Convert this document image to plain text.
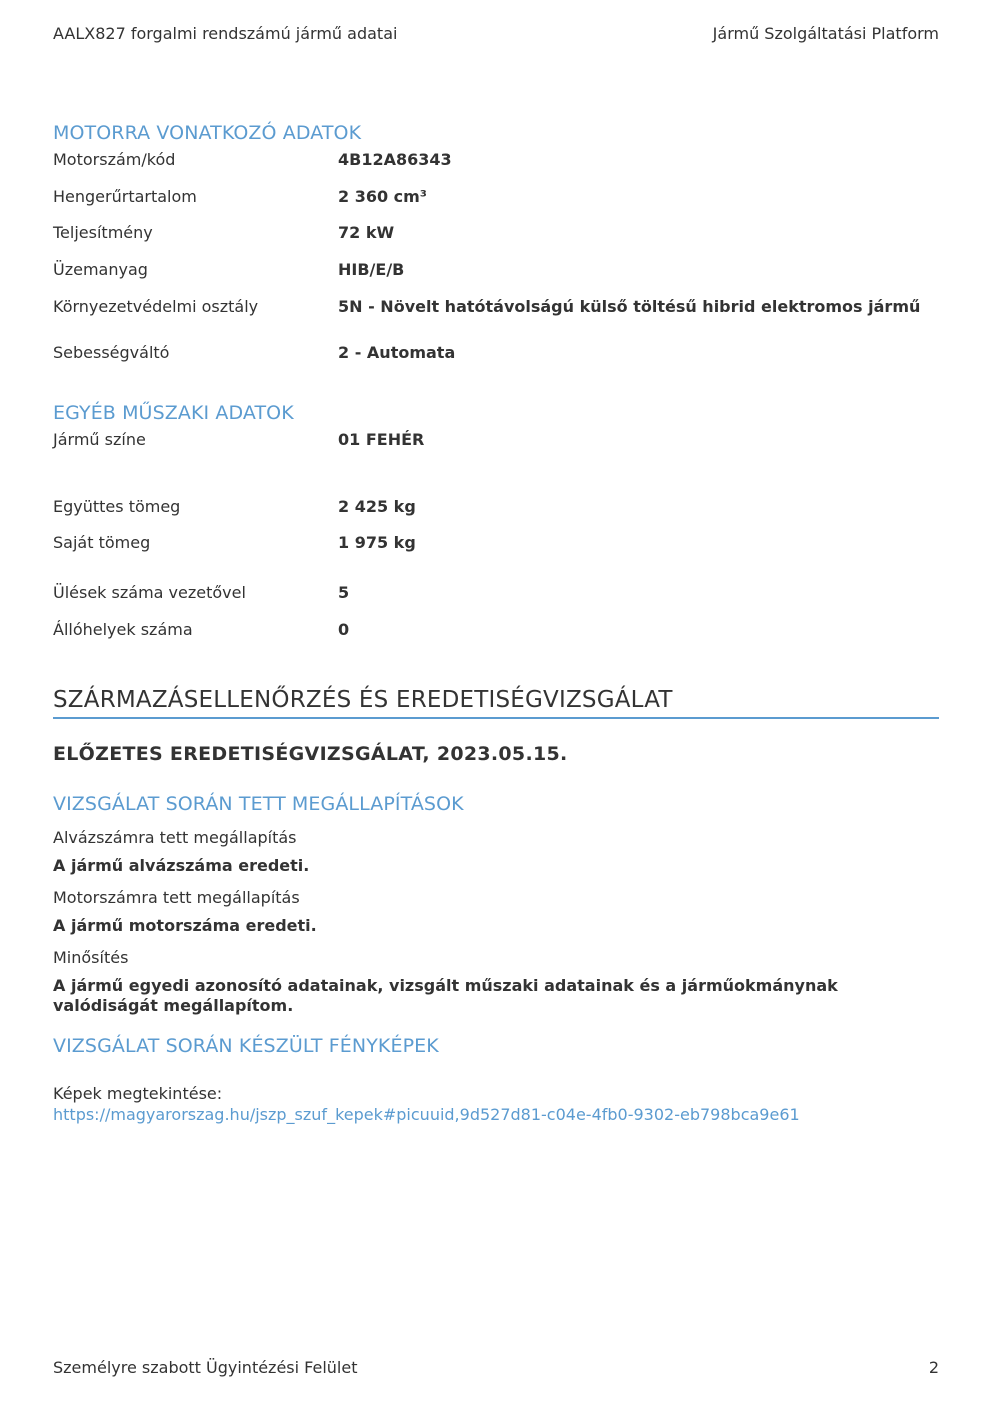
AALX827 forgalmi rendszámú jármű adatai	Jármű Szolgáltatási Platform
MOTORRA VONATKOZÓ ADATOK
Motorszám/kód	4B12A86343
Hengerűrtartalom	2 360 cm³
Teljesítmény	72 kW
Üzemanyag	HIB/E/B
Környezetvédelmi osztály	5N - Növelt hatótávolságú külső töltésű hibrid elektromos jármű
Sebességváltó	2 - Automata
EGYÉB MŰSZAKI ADATOK
Jármű színe	01 FEHÉR
Együttes tömeg	2 425 kg
Saját tömeg	1 975 kg
Ülések száma vezetővel	5
Állóhelyek száma	0
SZÁRMAZÁSELLENŐRZÉS ÉS EREDETISÉGVIZSGÁLAT
ELŐZETES EREDETISÉGVIZSGÁLAT, 2023.05.15.
VIZSGÁLAT SORÁN TETT MEGÁLLAPÍTÁSOK
Alvázszámra tett megállapítás
A jármű alvázszáma eredeti.
Motorszámra tett megállapítás
A jármű motorszáma eredeti.
Minősítés
A jármű egyedi azonosító adatainak, vizsgált műszaki adatainak és a járműokmánynak valódiságát megállapítom.
VIZSGÁLAT SORÁN KÉSZÜLT FÉNYKÉPEK
Képek megtekintése:
https://magyarorszag.hu/jszp_szuf_kepek#picuuid,9d527d81-c04e-4fb0-9302-eb798bca9e61
Személyre szabott Ügyintézési Felület	2
